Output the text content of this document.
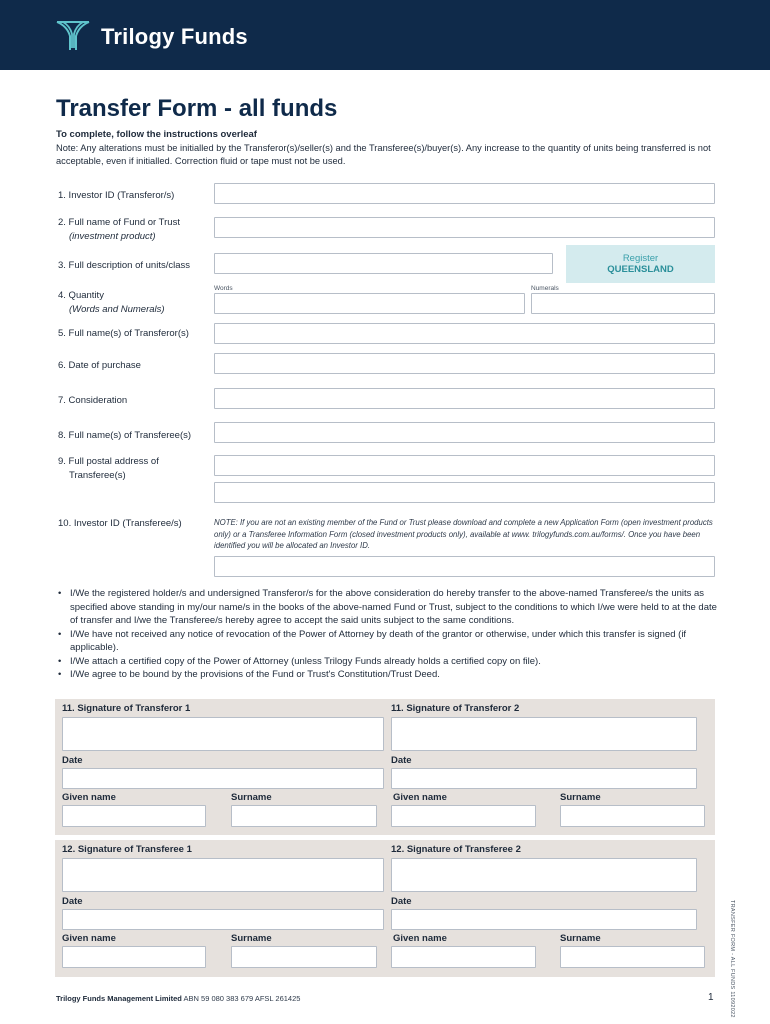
Trilogy Funds
Transfer Form - all funds
To complete, follow the instructions overleaf
Note: Any alterations must be initialled by the Transferor(s)/seller(s) and the Transferee(s)/buyer(s). Any increase to the quantity of units being transferred is not acceptable, even if initialled. Correction fluid or tape must not be used.
1. Investor ID (Transferor/s)
2. Full name of Fund or Trust
(investment product)
3. Full description of units/class
Register
QUEENSLAND
Words	Numerals
4. Quantity
(Words and Numerals)
5. Full name(s) of Transferor(s)
6. Date of purchase
7. Consideration
8. Full name(s) of Transferee(s)
9. Full postal address of
Transferee(s)
10. Investor ID (Transferee/s)	NOTE: If you are not an existing member of the Fund or Trust please download and complete a new Application Form (open investment products only) or a Transferee Information Form (closed investment products only), available at www. trilogyfunds.com.au/forms/. Once you have been identified you will be allocated an Investor ID.
• I/We the registered holder/s and undersigned Transferor/s for the above consideration do hereby transfer to the above-named Transferee/s the units as specified above standing in my/our name/s in the books of the above-named Fund or Trust, subject to the conditions to which I/we were held to at the date of transfer and I/we the Transferee/s hereby agree to accept the said units subject to the same conditions.
• I/We have not received any notice of revocation of the Power of Attorney by death of the grantor or otherwise, under which this transfer is signed (if applicable).
• I/We attach a certified copy of the Power of Attorney (unless Trilogy Funds already holds a certified copy on file).
• I/We agree to be bound by the provisions of the Fund or Trust's Constitution/Trust Deed.
11. Signature of Transferor 1	11. Signature of Transferor 2
Date	Date
Given name	Surname	Given name	Surname
12. Signature of Transferee 1	12. Signature of Transferee 2
Date	Date
Given name	Surname	Given name	Surname	TRANSFER FORM - ALL FUNDS 11092022
Trilogy Funds Management Limited ABN 59 080 383 679 AFSL 261425	1
